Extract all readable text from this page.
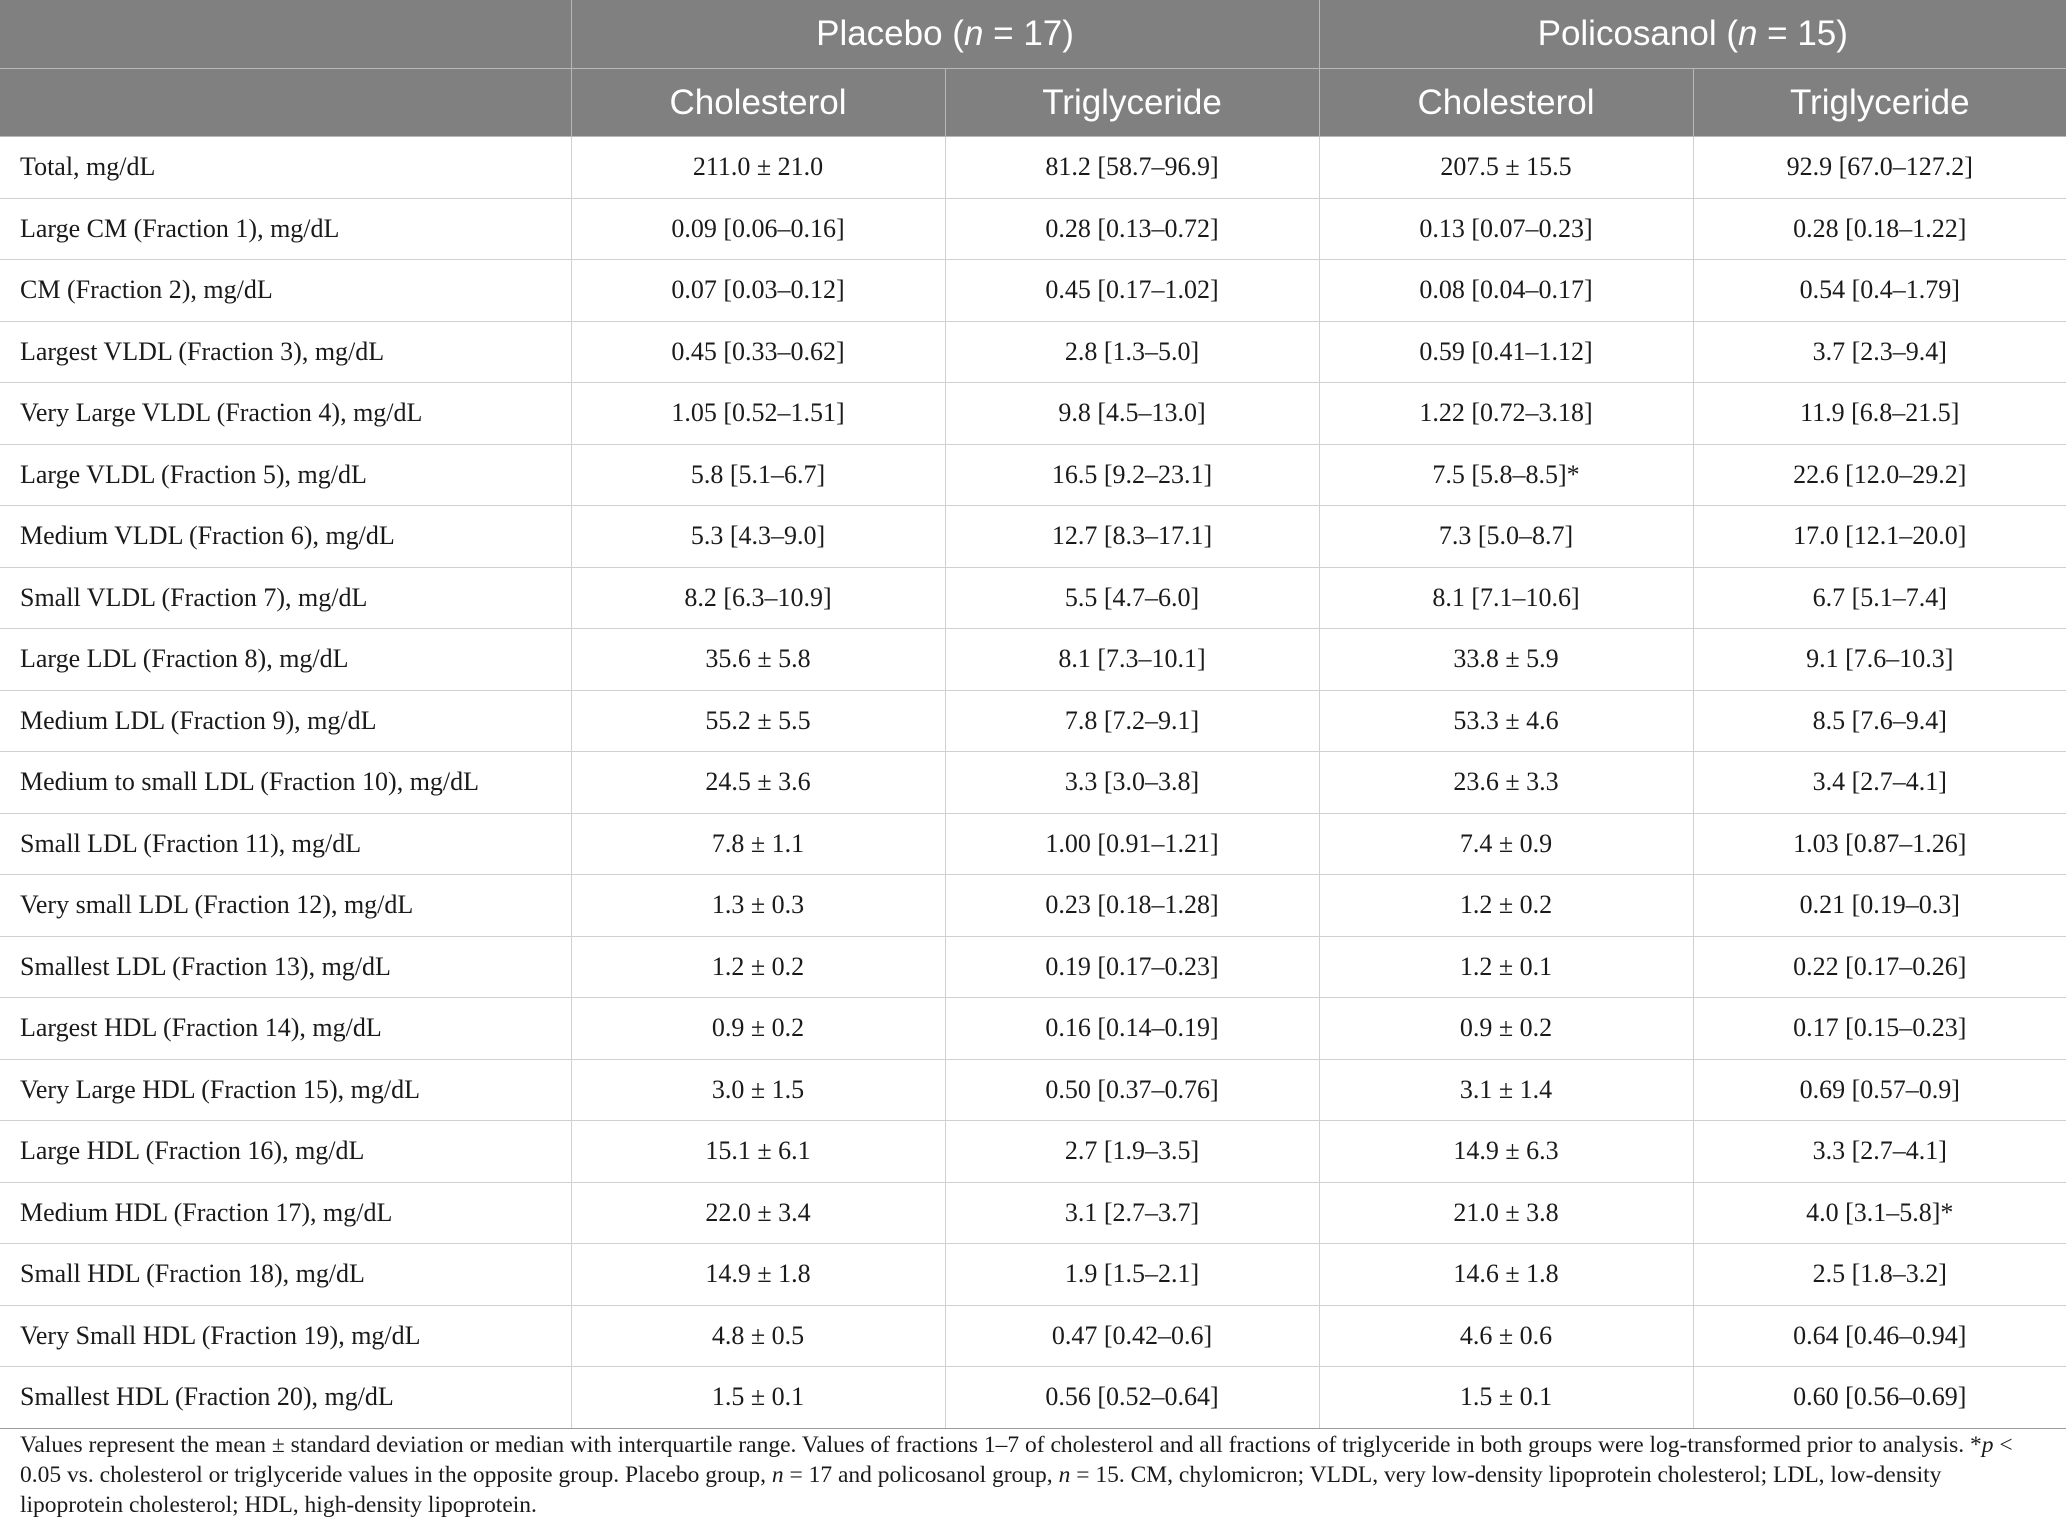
	Placebo (n = 17)		Policosanol (n = 15)	
	Cholesterol	Triglyceride	Cholesterol	Triglyceride
Total, mg/dL	211.0 ± 21.0	81.2 [58.7–96.9]	207.5 ± 15.5	92.9 [67.0–127.2]
Large CM (Fraction 1), mg/dL	0.09 [0.06–0.16]	0.28 [0.13–0.72]	0.13 [0.07–0.23]	0.28 [0.18–1.22]
CM (Fraction 2), mg/dL	0.07 [0.03–0.12]	0.45 [0.17–1.02]	0.08 [0.04–0.17]	0.54 [0.4–1.79]
Largest VLDL (Fraction 3), mg/dL	0.45 [0.33–0.62]	2.8 [1.3–5.0]	0.59 [0.41–1.12]	3.7 [2.3–9.4]
Very Large VLDL (Fraction 4), mg/dL	1.05 [0.52–1.51]	9.8 [4.5–13.0]	1.22 [0.72–3.18]	11.9 [6.8–21.5]
Large VLDL (Fraction 5), mg/dL	5.8 [5.1–6.7]	16.5 [9.2–23.1]	7.5 [5.8–8.5]*	22.6 [12.0–29.2]
Medium VLDL (Fraction 6), mg/dL	5.3 [4.3–9.0]	12.7 [8.3–17.1]	7.3 [5.0–8.7]	17.0 [12.1–20.0]
Small VLDL (Fraction 7), mg/dL	8.2 [6.3–10.9]	5.5 [4.7–6.0]	8.1 [7.1–10.6]	6.7 [5.1–7.4]
Large LDL (Fraction 8), mg/dL	35.6 ± 5.8	8.1 [7.3–10.1]	33.8 ± 5.9	9.1 [7.6–10.3]
Medium LDL (Fraction 9), mg/dL	55.2 ± 5.5	7.8 [7.2–9.1]	53.3 ± 4.6	8.5 [7.6–9.4]
Medium to small LDL (Fraction 10), mg/dL	24.5 ± 3.6	3.3 [3.0–3.8]	23.6 ± 3.3	3.4 [2.7–4.1]
Small LDL (Fraction 11), mg/dL	7.8 ± 1.1	1.00 [0.91–1.21]	7.4 ± 0.9	1.03 [0.87–1.26]
Very small LDL (Fraction 12), mg/dL	1.3 ± 0.3	0.23 [0.18–1.28]	1.2 ± 0.2	0.21 [0.19–0.3]
Smallest LDL (Fraction 13), mg/dL	1.2 ± 0.2	0.19 [0.17–0.23]	1.2 ± 0.1	0.22 [0.17–0.26]
Largest HDL (Fraction 14), mg/dL	0.9 ± 0.2	0.16 [0.14–0.19]	0.9 ± 0.2	0.17 [0.15–0.23]
Very Large HDL (Fraction 15), mg/dL	3.0 ± 1.5	0.50 [0.37–0.76]	3.1 ± 1.4	0.69 [0.57–0.9]
Large HDL (Fraction 16), mg/dL	15.1 ± 6.1	2.7 [1.9–3.5]	14.9 ± 6.3	3.3 [2.7–4.1]
Medium HDL (Fraction 17), mg/dL	22.0 ± 3.4	3.1 [2.7–3.7]	21.0 ± 3.8	4.0 [3.1–5.8]*
Small HDL (Fraction 18), mg/dL	14.9 ± 1.8	1.9 [1.5–2.1]	14.6 ± 1.8	2.5 [1.8–3.2]
Very Small HDL (Fraction 19), mg/dL	4.8 ± 0.5	0.47 [0.42–0.6]	4.6 ± 0.6	0.64 [0.46–0.94]
Smallest HDL (Fraction 20), mg/dL	1.5 ± 0.1	0.56 [0.52–0.64]	1.5 ± 0.1	0.60 [0.56–0.69]
Values represent the mean ± standard deviation or median with interquartile range. Values of fractions 1–7 of cholesterol and all fractions of triglyceride in both groups were log-transformed prior to analysis. *p < 0.05 vs. cholesterol or triglyceride values in the opposite group. Placebo group, n = 17 and policosanol group, n = 15. CM, chylomicron; VLDL, very low-density lipoprotein cholesterol; LDL, low-density lipoprotein cholesterol; HDL, high-density lipoprotein.
